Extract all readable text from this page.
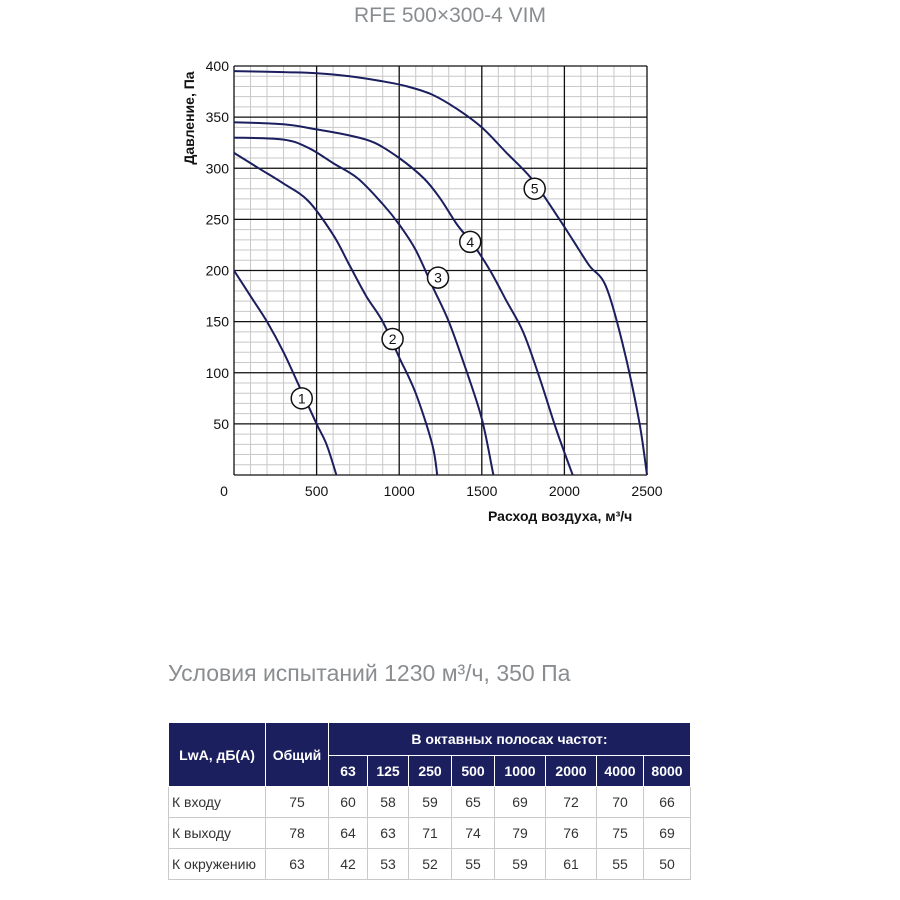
RFE 500×300-4 VIM
0	500	1000	1500	2000	2500
50
100
150
200
250
300
350
400
1
2
3
4
5
Давление, Па
Расход воздуха, м³/ч
Условия испытаний 1230 м³/ч, 350 Па
LwA, дБ(А)	Общий	В октавных полосах частот:							
		63	125	250	500	1000	2000	4000	8000
К входу	75	60	58	59	65	69	72	70	66
К выходу	78	64	63	71	74	79	76	75	69
К окружению	63	42	53	52	55	59	61	55	50
